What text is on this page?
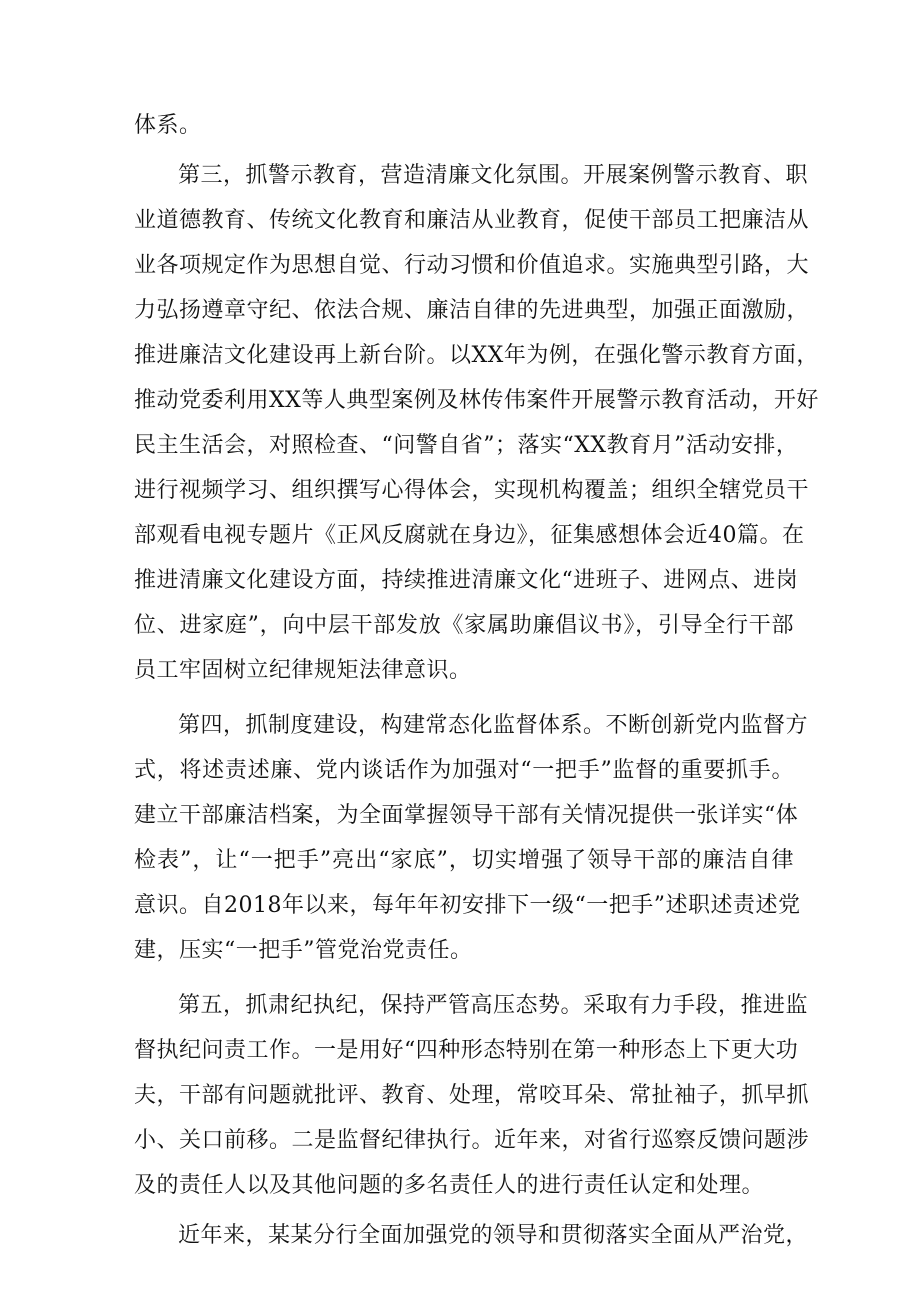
体系。
第三，抓警示教育，营造清廉文化氛围。开展案例警示教育、职
业道德教育、传统文化教育和廉洁从业教育，促使干部员工把廉洁从
业各项规定作为思想自觉、行动习惯和价值追求。实施典型引路，大
力弘扬遵章守纪、依法合规、廉洁自律的先进典型，加强正面激励，
推进廉洁文化建设再上新台阶。以XX年为例，在强化警示教育方面，
推动党委利用XX等人典型案例及林传伟案件开展警示教育活动，开好
民主生活会，对照检查、“问警自省”；落实“XX教育月”活动安排，
进行视频学习、组织撰写心得体会，实现机构覆盖；组织全辖党员干
部观看电视专题片《正风反腐就在身边》，征集感想体会近40篇。在
推进清廉文化建设方面，持续推进清廉文化“进班子、进网点、进岗
位、进家庭”，向中层干部发放《家属助廉倡议书》，引导全行干部
员工牢固树立纪律规矩法律意识。
第四，抓制度建设，构建常态化监督体系。不断创新党内监督方
式，将述责述廉、党内谈话作为加强对“一把手”监督的重要抓手。
建立干部廉洁档案，为全面掌握领导干部有关情况提供一张详实“体
检表”，让“一把手”亮出“家底”，切实增强了领导干部的廉洁自律
意识。自2018年以来，每年年初安排下一级“一把手”述职述责述党
建，压实“一把手”管党治党责任。
第五，抓肃纪执纪，保持严管高压态势。采取有力手段，推进监
督执纪问责工作。一是用好“四种形态特别在第一种形态上下更大功
夫，干部有问题就批评、教育、处理，常咬耳朵、常扯袖子，抓早抓
小、关口前移。二是监督纪律执行。近年来，对省行巡察反馈问题涉
及的责任人以及其他问题的多名责任人的进行责任认定和处理。
近年来，某某分行全面加强党的领导和贯彻落实全面从严治党，
